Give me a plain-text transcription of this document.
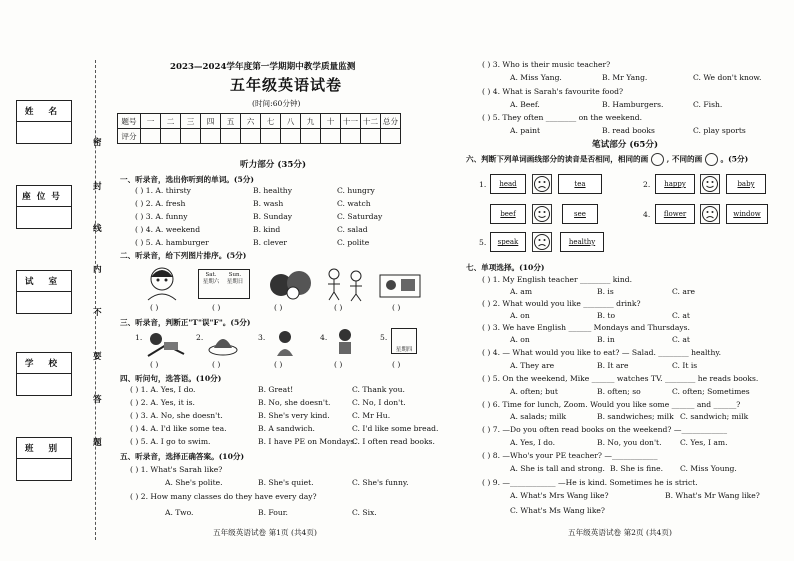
姓 名
座位号
试 室
学 校
班 别
密
封
线
内
不
要
答
题
2023—2024学年度第一学期期中教学质量监测
五年级英语试卷
(时间:60分钟)
题号	一	二	三	四	五	六	七	八	九	十	十一	十二	总分
评分													
听力部分 (35分)
一、听录音，选出你听到的单词。(5分)
( ) 1. A. thirsty	B. healthy	C. hungry
( ) 2. A. fresh	B. wash	C. watch
( ) 3. A. funny	B. Sunday	C. Saturday
( ) 4. A. weekend	B. kind	C. salad
( ) 5. A. hamburger	B. clever	C. polite
二、听录音，给下列图片排序。(5分)
Sat.
星期六
Sun.
星期日
( )	( )	( )	( )	( )
三、听录音，判断正"T"误"F"。(5分)
1.	2.	3.	4.	5.
星期四
( )	( )	( )	( )	( )
四、听问句，选答语。(10分)
( ) 1. A. Yes, I do.	B. Great!	C. Thank you.
( ) 2. A. Yes, it is.	B. No, she doesn't.	C. No, I don't.
( ) 3. A. No, she doesn't.	B. She's very kind.	C. Mr Hu.
( ) 4. A. I'd like some tea.	B. A sandwich.	C. I'd like some bread.
( ) 5. A. I go to swim.	B. I have PE on Mondays.
C. I often read books.
五、听录音，选择正确答案。(10分)
( ) 1. What's Sarah like?
A. She's polite.	B. She's quiet.	C. She's funny.
( ) 2. How many classes do they have every day?
A. Two.	B. Four.	C. Six.
五年级英语试卷 第1页 (共4页)
( ) 3. Who is their music teacher?
A. Miss Yang.	B. Mr Yang.	C. We don't know.
( ) 4. What is Sarah's favourite food?
A. Beef.	B. Hamburgers.	C. Fish.
( ) 5. They often ________ on the weekend.
A. paint	B. read books	C. play sports
笔试部分 (65分)
六、判断下列单词画线部分的读音是否相同，相同的画 , 不同的画 。(5分)
1. head	tea	2. happy	baby
beef	see	4. flower	window
5. speak	healthy
七、单项选择。(10分)
( ) 1. My English teacher ________ kind.
A. am	B. is	C. are
( ) 2. What would you like ________ drink?
A. on	B. to	C. at
( ) 3. We have English ______ Mondays and Thursdays.
A. on	B. in	C. at
( ) 4. — What would you like to eat? — Salad. ________ healthy.
A. They are	B. It are	C. It is
( ) 5. On the weekend, Mike ______ watches TV. ________ he reads books.
A. often; but	B. often; so	C. often; Sometimes
( ) 6. Time for lunch, Zoom. Would you like some ______ and ______?
A. salads; milk	B. sandwiches; milk C. sandwich; milk
( ) 7. —Do you often read books on the weekend? —____________
A. Yes, I do.	B. No, you don't. C. Yes, I am.
( ) 8. —Who's your PE teacher? —____________
A. She is tall and strong. B. She is fine. C. Miss Young.
( ) 9. —____________ —He is kind. Sometimes he is strict.
A. What's Mrs Wang like?	B. What's Mr Wang like?
C. What's Ms Wang like?
五年级英语试卷 第2页 (共4页)
